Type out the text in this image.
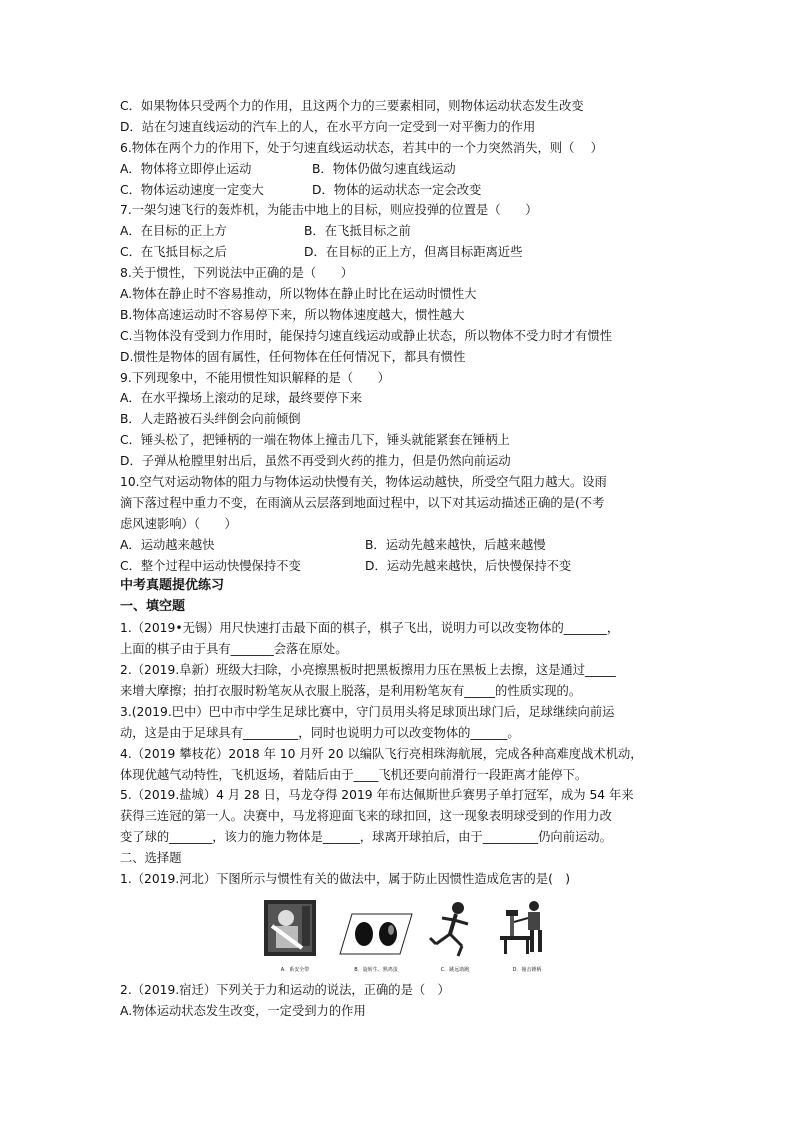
C．如果物体只受两个力的作用，且这两个力的三要素相同，则物体运动状态发生改变
D．站在匀速直线运动的汽车上的人，在水平方向一定受到一对平衡力的作用
6.物体在两个力的作用下，处于匀速直线运动状态，若其中的一个力突然消失，则（　 ）
A．物体将立即停止运动	B．物体仍做匀速直线运动
C．物体运动速度一定变大	D．物体的运动状态一定会改变
7.一架匀速飞行的轰炸机，为能击中地上的目标，则应投弹的位置是（　　）
A．在目标的正上方	B．在飞抵目标之前
C．在飞抵目标之后	D．在目标的正上方，但离目标距离近些
8.关于惯性，下列说法中正确的是（　　）
A.物体在静止时不容易推动，所以物体在静止时比在运动时惯性大
B.物体高速运动时不容易停下来，所以物体速度越大，惯性越大
C.当物体没有受到力作用时，能保持匀速直线运动或静止状态，所以物体不受力时才有惯性
D.惯性是物体的固有属性，任何物体在任何情况下，都具有惯性
9.下列现象中，不能用惯性知识解释的是（　　）
A．在水平操场上滚动的足球，最终要停下来
B．人走路被石头绊倒会向前倾倒
C．锤头松了，把锤柄的一端在物体上撞击几下，锤头就能紧套在锤柄上
D．子弹从枪膛里射出后，虽然不再受到火药的推力，但是仍然向前运动
10.空气对运动物体的阻力与物体运动快慢有关，物体运动越快，所受空气阻力越大。设雨
滴下落过程中重力不变，在雨滴从云层落到地面过程中，以下对其运动描述正确的是(不考
虑风速影响）（　　）
A．运动越来越快	B．运动先越来越快，后越来越慢
C．整个过程中运动快慢保持不变	D．运动先越来越快，后快慢保持不变
中考真题提优练习
一、填空题
1.（2019•无锡）用尺快速打击最下面的棋子，棋子飞出，说明力可以改变物体的_______，
上面的棋子由于具有_______会落在原处。
2.（2019.阜新）班级大扫除，小亮擦黑板时把黑板擦用力压在黑板上去擦，这是通过_____
来增大摩擦；拍打衣服时粉笔灰从衣服上脱落，是利用粉笔灰有_____的性质实现的。
3.(2019.巴中）巴中市中学生足球比赛中，守门员用头将足球顶出球门后，足球继续向前运
动，这是由于足球具有_________，同时也说明力可以改变物体的______。
4.（2019 攀枝花）2018 年 10 月歼 20 以编队飞行亮相珠海航展，完成各种高难度战术机动，
体现优越气动特性，飞机返场，着陆后由于____飞机还要向前滑行一段距离才能停下。
5.（2019.盐城）4 月 28 日，马龙夺得 2019 年布达佩斯世乒赛男子单打冠军，成为 54 年来
获得三连冠的第一人。决赛中，马龙将迎面飞来的球扣回，这一现象表明球受到的作用力改
变了球的_______，该力的施力物体是______，球离开球拍后，由于_________仍向前运动。
二、选择题
1.（2019.河北）下图所示与惯性有关的做法中，属于防止因惯性造成危害的是(　)
A．系安全带	B．旋转生、熟鸡蛋	C．跳远助跑	D．撞击锤柄
2.（2019.宿迁）下列关于力和运动的说法，正确的是（　）
A.物体运动状态发生改变，一定受到力的作用
